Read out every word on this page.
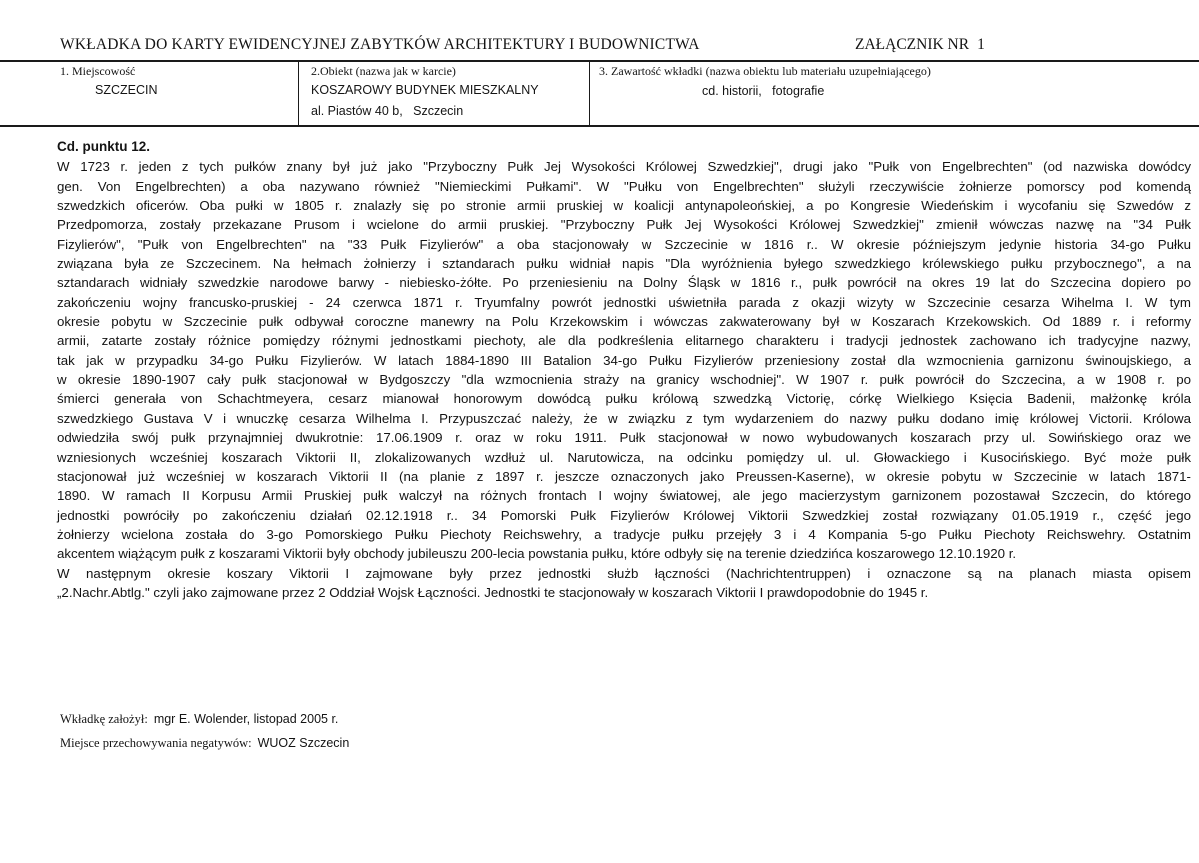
WKŁADKA DO KARTY EWIDENCYJNEJ ZABYTKÓW ARCHITEKTURY I BUDOWNICTWA	ZAŁĄCZNIK NR 1
1. Miejscowość
SZCZECIN
2.Obiekt (nazwa jak w karcie)
KOSZAROWY BUDYNEK MIESZKALNY
al. Piastów 40 b,   Szczecin
3. Zawartość wkładki (nazwa obiektu lub materiału uzupełniającego)
cd. historii,   fotografie
Cd. punktu 12.
W 1723 r. jeden z tych pułków znany był już jako "Przyboczny Pułk Jej Wysokości Królowej Szwedzkiej", drugi jako "Pułk von Engelbrechten" (od nazwiska dowódcy
gen. Von Engelbrechten) a oba nazywano również "Niemieckimi Pułkami". W "Pułku von Engelbrechten" służyli rzeczywiście żołnierze pomorscy pod komendą
szwedzkich oficerów. Oba pułki w 1805 r. znalazły się po stronie armii pruskiej w koalicji antynapoleońskiej, a po Kongresie Wiedeńskim i wycofaniu się Szwedów z
Przedpomorza, zostały przekazane Prusom i wcielone do armii pruskiej. "Przyboczny Pułk Jej Wysokości Królowej Szwedzkiej" zmienił wówczas nazwę na "34 Pułk
Fizylierów", "Pułk von Engelbrechten" na "33 Pułk Fizylierów" a oba stacjonowały w Szczecinie w 1816 r.. W okresie późniejszym jedynie historia 34-go Pułku
związana była ze Szczecinem. Na hełmach żołnierzy i sztandarach pułku widniał napis "Dla wyróżnienia byłego szwedzkiego królewskiego pułku przybocznego", a na
sztandarach widniały szwedzkie narodowe barwy - niebiesko-żółte. Po przeniesieniu na Dolny Śląsk w 1816 r., pułk powrócił na okres 19 lat do Szczecina dopiero po
zakończeniu wojny francusko-pruskiej - 24 czerwca 1871 r. Tryumfalny powrót jednostki uświetniła parada z okazji wizyty w Szczecinie cesarza Wihelma I. W tym
okresie pobytu w Szczecinie pułk odbywał coroczne manewry na Polu Krzekowskim i wówczas zakwaterowany był w Koszarach Krzekowskich. Od 1889 r. i reformy
armii, zatarte zostały różnice pomiędzy różnymi jednostkami piechoty, ale dla podkreślenia elitarnego charakteru i tradycji jednostek zachowano ich tradycyjne nazwy,
tak jak w przypadku 34-go Pułku Fizylierów. W latach 1884-1890 III Batalion 34-go Pułku Fizylierów przeniesiony został dla wzmocnienia garnizonu świnoujskiego, a
w okresie 1890-1907 cały pułk stacjonował w Bydgoszczy "dla wzmocnienia straży na granicy wschodniej". W 1907 r. pułk powrócił do Szczecina, a w 1908 r. po
śmierci generała von Schachtmeyera, cesarz mianował honorowym dowódcą pułku królową szwedzką Victorię, córkę Wielkiego Księcia Badenii, małżonkę króla
szwedzkiego Gustava V i wnuczkę cesarza Wilhelma I. Przypuszczać należy, że w związku z tym wydarzeniem do nazwy pułku dodano imię królowej Victorii. Królowa
odwiedziła swój pułk przynajmniej dwukrotnie: 17.06.1909 r. oraz w roku 1911. Pułk stacjonował w nowo wybudowanych koszarach przy ul. Sowińskiego oraz we
wzniesionych wcześniej koszarach Viktorii II, zlokalizowanych wzdłuż ul. Narutowicza, na odcinku pomiędzy ul. ul. Głowackiego i Kusocińskiego. Być może pułk
stacjonował już wcześniej w koszarach Viktorii II (na planie z 1897 r. jeszcze oznaczonych jako Preussen-Kaserne), w okresie pobytu w Szczecinie w latach 1871-
1890. W ramach II Korpusu Armii Pruskiej pułk walczył na różnych frontach I wojny światowej, ale jego macierzystym garnizonem pozostawał Szczecin, do którego
jednostki powróciły po zakończeniu działań 02.12.1918 r.. 34 Pomorski Pułk Fizylierów Królowej Viktorii Szwedzkiej został rozwiązany 01.05.1919 r., część jego
żołnierzy wcielona została do 3-go Pomorskiego Pułku Piechoty Reichswehry, a tradycje pułku przejęły 3 i 4 Kompania 5-go Pułku Piechoty Reichswehry. Ostatnim
akcentem wiążącym pułk z koszarami Viktorii były obchody jubileuszu 200-lecia powstania pułku, które odbyły się na terenie dziedzińca koszarowego 12.10.1920 r.
W następnym okresie koszary Viktorii I zajmowane były przez jednostki służb łączności (Nachrichtentruppen) i oznaczone są na planach miasta opisem
„2.Nachr.Abtlg." czyli jako zajmowane przez 2 Oddział Wojsk Łączności. Jednostki te stacjonowały w koszarach Viktorii I prawdopodobnie do 1945 r.
Wkładkę założył: mgr E. Wolender, listopad 2005 r.
Miejsce przechowywania negatywów: WUOZ Szczecin
